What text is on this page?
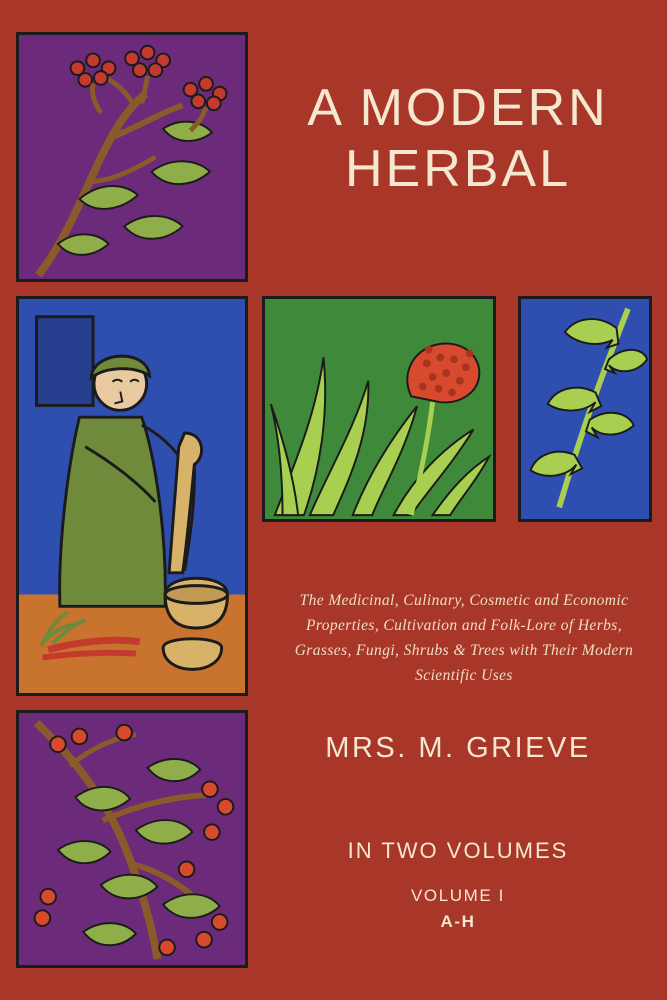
A MODERN
HERBAL
The Medicinal, Culinary, Cosmetic and Economic Properties, Cultivation and Folk-Lore of Herbs, Grasses, Fungi, Shrubs & Trees with Their Modern Scientific Uses
MRS. M. GRIEVE
IN TWO VOLUMES
VOLUME I
A-H
